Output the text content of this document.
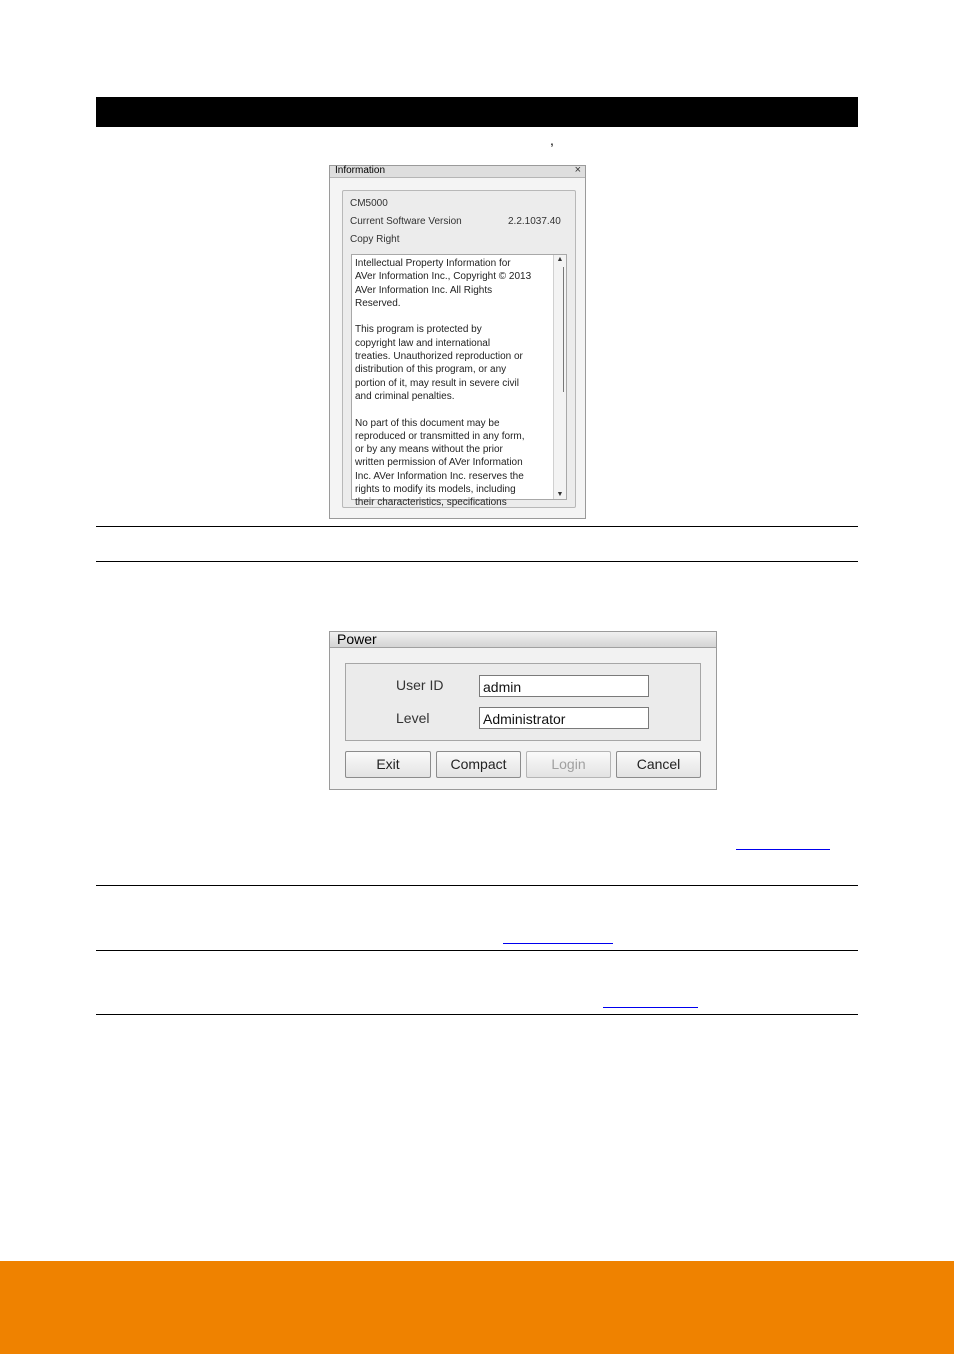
,
Information	×
CM5000
Current Software Version	2.2.1037.40
Copy Right
Intellectual Property Information for
AVer Information Inc., Copyright © 2013
AVer Information Inc. All Rights
Reserved.

This program is protected by
copyright law and international
treaties. Unauthorized reproduction or
distribution of this program, or any
portion of it, may result in severe civil
and criminal penalties.

No part of this document may be
reproduced or transmitted in any form,
or by any means without the prior
written permission of AVer Information
Inc. AVer Information Inc. reserves the
rights to modify its models, including
their characteristics, specifications
▲
▼
Power
User ID	admin
Level	Administrator
Exit	Compact	Login	Cancel
